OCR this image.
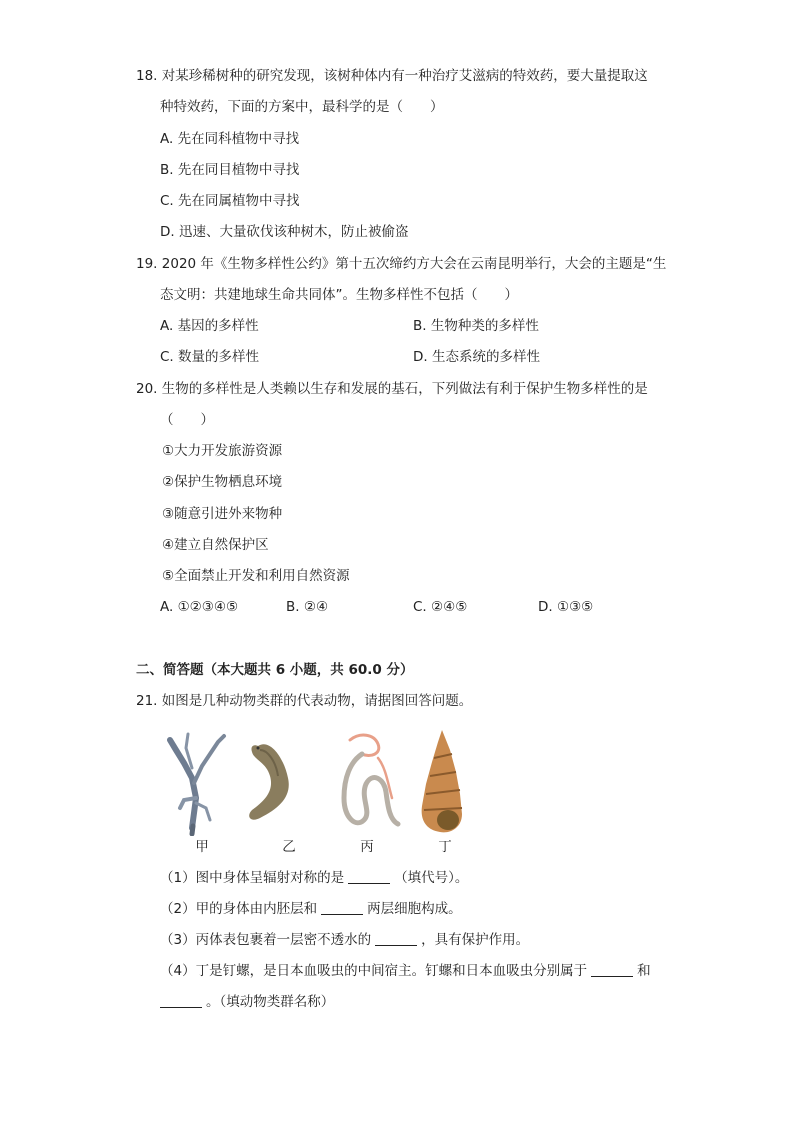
18. 对某珍稀树种的研究发现，该树种体内有一种治疗艾滋病的特效药，要大量提取这
种特效药，下面的方案中，最科学的是（　　）
A. 先在同科植物中寻找
B. 先在同目植物中寻找
C. 先在同属植物中寻找
D. 迅速、大量砍伐该种树木，防止被偷盗
19. 2020 年《生物多样性公约》第十五次缔约方大会在云南昆明举行，大会的主题是“生
态文明：共建地球生命共同体”。生物多样性不包括（　　）
A. 基因的多样性	B. 生物种类的多样性
C. 数量的多样性	D. 生态系统的多样性
20. 生物的多样性是人类赖以生存和发展的基石，下列做法有利于保护生物多样性的是
（　　）
①大力开发旅游资源
②保护生物栖息环境
③随意引进外来物种
④建立自然保护区
⑤全面禁止开发和利用自然资源
A. ①②③④⑤	B. ②④	C. ②④⑤	D. ①③⑤
二、简答题（本大题共 6 小题，共 60.0 分）
21. 如图是几种动物类群的代表动物，请据图回答问题。
甲	乙	丙	丁
（1）图中身体呈辐射对称的是	（填代号）。
（2）甲的身体由内胚层和	两层细胞构成。
（3）丙体表包裹着一层密不透水的	，具有保护作用。
（4）丁是钉螺，是日本血吸虫的中间宿主。钉螺和日本血吸虫分别属于	和
。（填动物类群名称）
